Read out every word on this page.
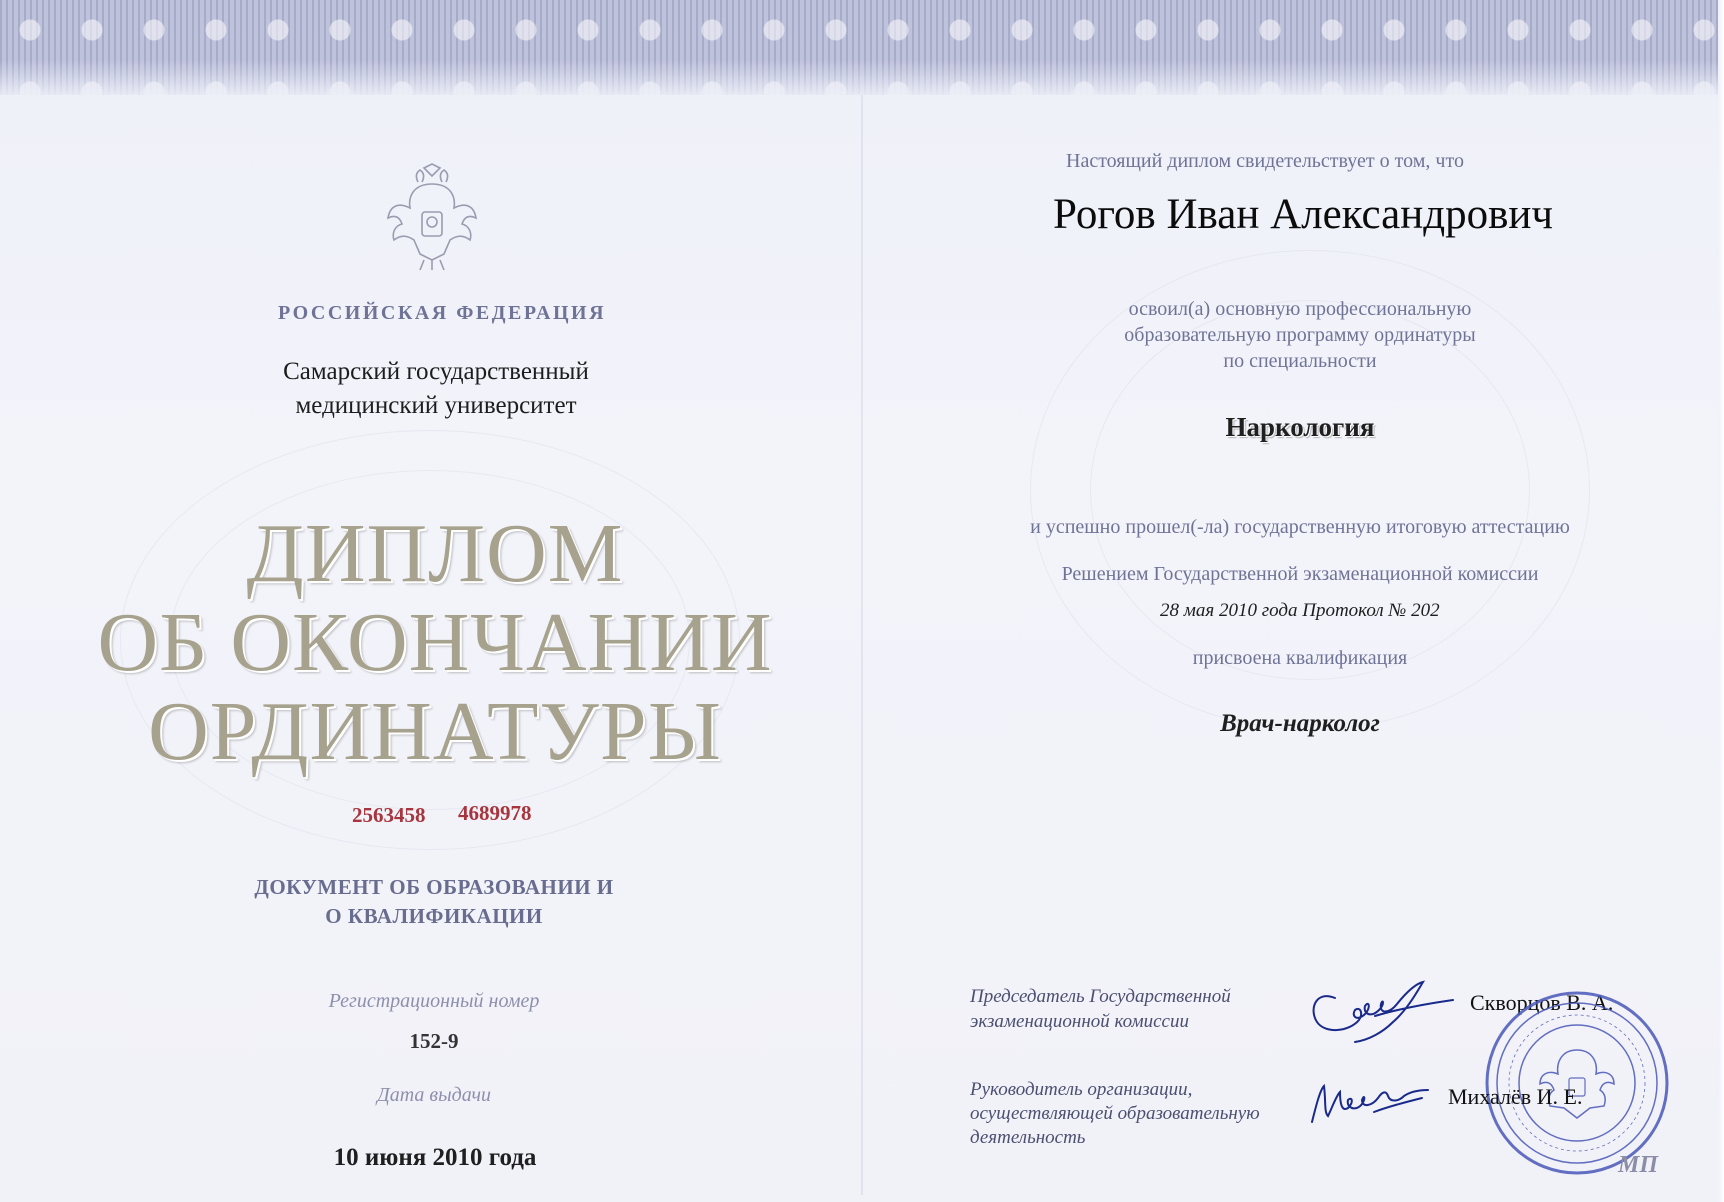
РОССИЙСКАЯ ФЕДЕРАЦИЯ
Самарский государственный
медицинский университет
ДИПЛОМ
ОБ ОКОНЧАНИИ
ОРДИНАТУРЫ
2563458 4689978
ДОКУМЕНТ ОБ ОБРАЗОВАНИИ И
О КВАЛИФИКАЦИИ
Регистрационный номер
152-9
Дата выдачи
10 июня 2010 года
Настоящий диплом свидетельствует о том, что
Рогов Иван Александрович
освоил(а) основную профессиональную
образовательную программу ординатуры
по специальности
Наркология
и успешно прошел(-ла) государственную итоговую аттестацию
Решением Государственной экзаменационной комиссии
28 мая 2010 года Протокол № 202
присвоена квалификация
Врач-нарколог
Председатель Государственной
экзаменационной комиссии
Руководитель организации,
осуществляющей образовательную
деятельность
Скворцов В. А.
Михалёв И. Е.
МП
